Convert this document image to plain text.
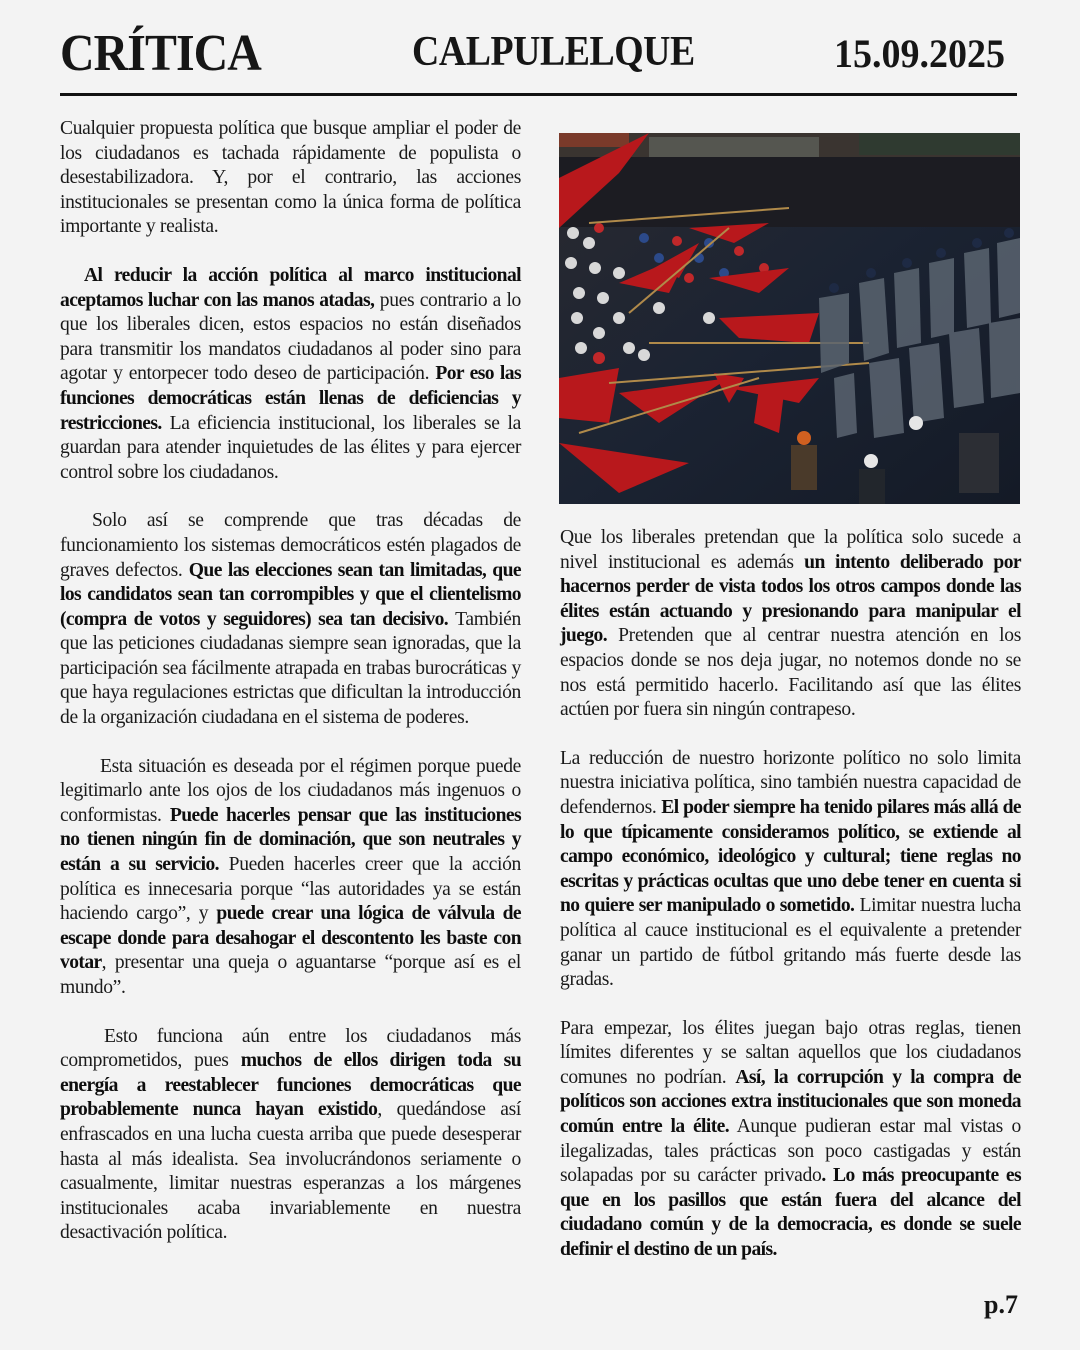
CRÍTICA	CALPULELQUE	15.09.2025

Cualquier propuesta política que busque ampliar el poder de los ciudadanos es tachada rápidamente de populista o desestabilizadora. Y, por el contrario, las acciones institucionales se presentan como la única forma de política importante y realista.

Al reducir la acción política al marco institucional aceptamos luchar con las manos atadas, pues contrario a lo que los liberales dicen, estos espacios no están diseñados para transmitir los mandatos ciudadanos al poder sino para agotar y entorpecer todo deseo de participación. Por eso las funciones democráticas están llenas de deficiencias y restricciones. La eficiencia institucional, los liberales se la guardan para atender inquietudes de las élites y para ejercer control sobre los ciudadanos.

Solo así se comprende que tras décadas de funcionamiento los sistemas democráticos estén plagados de graves defectos. Que las elecciones sean tan limitadas, que los candidatos sean tan corrompibles y que el clientelismo (compra de votos y seguidores) sea tan decisivo. También que las peticiones ciudadanas siempre sean ignoradas, que la participación sea fácilmente atrapada en trabas burocráticas y que haya regulaciones estrictas que dificultan la introducción de la organización ciudadana en el sistema de poderes.

Esta situación es deseada por el régimen porque puede legitimarlo ante los ojos de los ciudadanos más ingenuos o conformistas. Puede hacerles pensar que las instituciones no tienen ningún fin de dominación, que son neutrales y están a su servicio. Pueden hacerles creer que la acción política es innecesaria porque “las autoridades ya se están haciendo cargo”, y puede crear una lógica de válvula de escape donde para desahogar el descontento les baste con votar, presentar una queja o aguantarse “porque así es el mundo”.

Esto funciona aún entre los ciudadanos más comprometidos, pues muchos de ellos dirigen toda su energía a reestablecer funciones democráticas que probablemente nunca hayan existido, quedándose así enfrascados en una lucha cuesta arriba que puede desesperar hasta al más idealista. Sea involucrándonos seriamente o casualmente, limitar nuestras esperanzas a los márgenes institucionales acaba invariablemente en nuestra desactivación política.

Que los liberales pretendan que la política solo sucede a nivel institucional es además un intento deliberado por hacernos perder de vista todos los otros campos donde las élites están actuando y presionando para manipular el juego. Pretenden que al centrar nuestra atención en los espacios donde se nos deja jugar, no notemos donde no se nos está permitido hacerlo. Facilitando así que las élites actúen por fuera sin ningún contrapeso.

La reducción de nuestro horizonte político no solo limita nuestra iniciativa política, sino también nuestra capacidad de defendernos. El poder siempre ha tenido pilares más allá de lo que típicamente consideramos político, se extiende al campo económico, ideológico y cultural; tiene reglas no escritas y prácticas ocultas que uno debe tener en cuenta si no quiere ser manipulado o sometido. Limitar nuestra lucha política al cauce institucional es el equivalente a pretender ganar un partido de fútbol gritando más fuerte desde las gradas.

Para empezar, los élites juegan bajo otras reglas, tienen límites diferentes y se saltan aquellos que los ciudadanos comunes no podrían. Así, la corrupción y la compra de políticos son acciones extra institucionales que son moneda común entre la élite. Aunque pudieran estar mal vistas o ilegalizadas, tales prácticas son poco castigadas y están solapadas por su carácter privado. Lo más preocupante es que en los pasillos que están fuera del alcance del ciudadano común y de la democracia, es donde se suele definir el destino de un país.

p.7
